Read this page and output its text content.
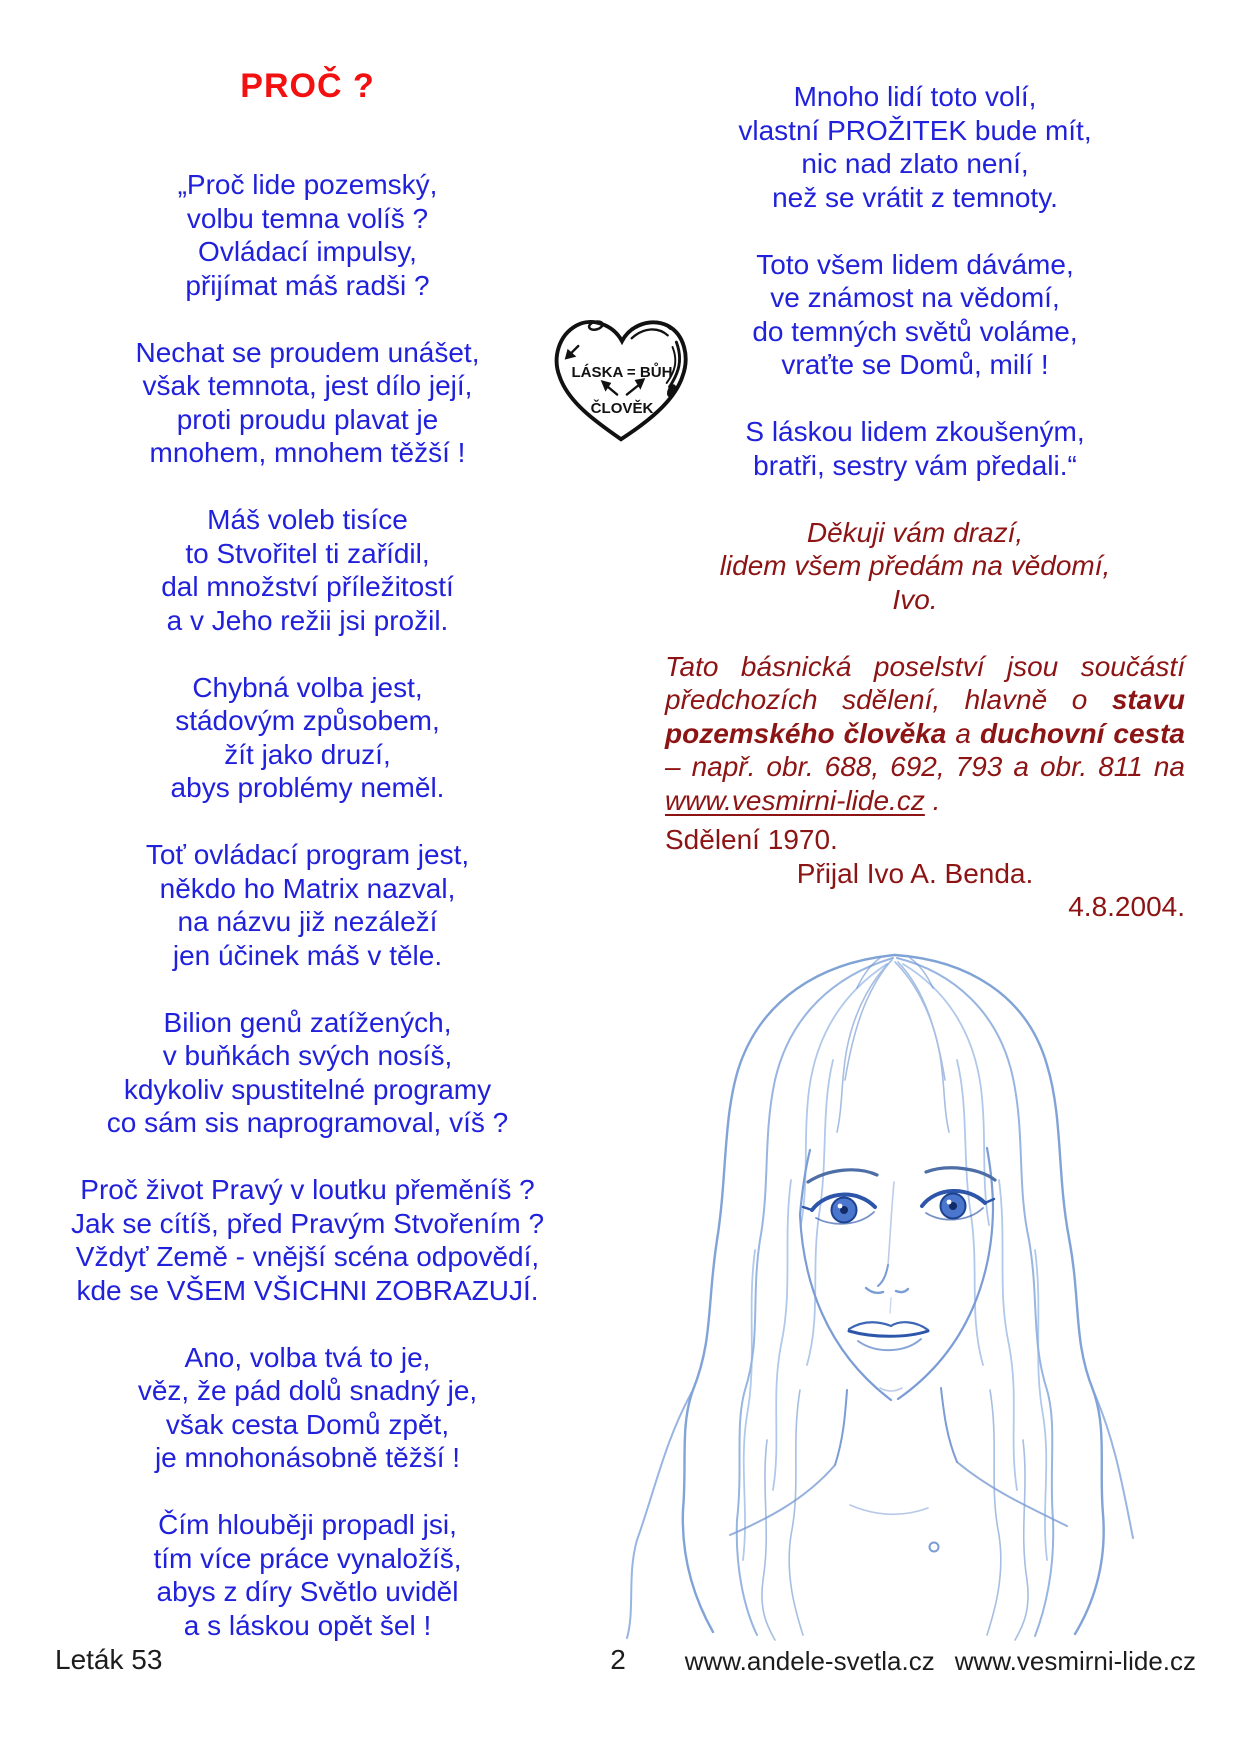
PROČ ?

„Proč lide pozemský,
volbu temna volíš ?
Ovládací impulsy,
přijímat máš radši ?

Nechat se proudem unášet,
však temnota, jest dílo její,
proti proudu plavat je
mnohem, mnohem těžší !

Máš voleb tisíce
to Stvořitel ti zařídil,
dal množství příležitostí
a v Jeho režii jsi prožil.

Chybná volba jest,
stádovým způsobem,
žít jako druzí,
abys problémy neměl.

Toť ovládací program jest,
někdo ho Matrix nazval,
na názvu již nezáleží
jen účinek máš v těle.

Bilion genů zatížených,
v buňkách svých nosíš,
kdykoliv spustitelné programy
co sám sis naprogramoval, víš ?

Proč život Pravý v loutku přeměníš ?
Jak se cítíš, před Pravým Stvořením ?
Vždyť Země - vnější scéna odpovědí,
kde se VŠEM VŠICHNI ZOBRAZUJÍ.

Ano, volba tvá to je,
věz, že pád dolů snadný je,
však cesta Domů zpět,
je mnohonásobně těžší !

Čím hlouběji propadl jsi,
tím více práce vynaložíš,
abys z díry Světlo uviděl
a s láskou opět šel !

LÁSKA = BŮH
ČLOVĚK

Mnoho lidí toto volí,
vlastní PROŽITEK bude mít,
nic nad zlato není,
než se vrátit z temnoty.

Toto všem lidem dáváme,
ve známost na vědomí,
do temných světů voláme,
vraťte se Domů, milí !

S láskou lidem zkoušeným,
bratři, sestry vám předali.“

Děkuji vám drazí,
lidem všem předám na vědomí,
Ivo.

Tato básnická poselství jsou součástí předchozích sdělení, hlavně o stavu pozemského člověka a duchovní cesta – např. obr. 688, 692, 793 a obr. 811 na www.vesmirni-lide.cz .

Sdělení 1970.
Přijal Ivo A. Benda.
4.8.2004.
Leták 53	2	www.andele-svetla.cz www.vesmirni-lide.cz
